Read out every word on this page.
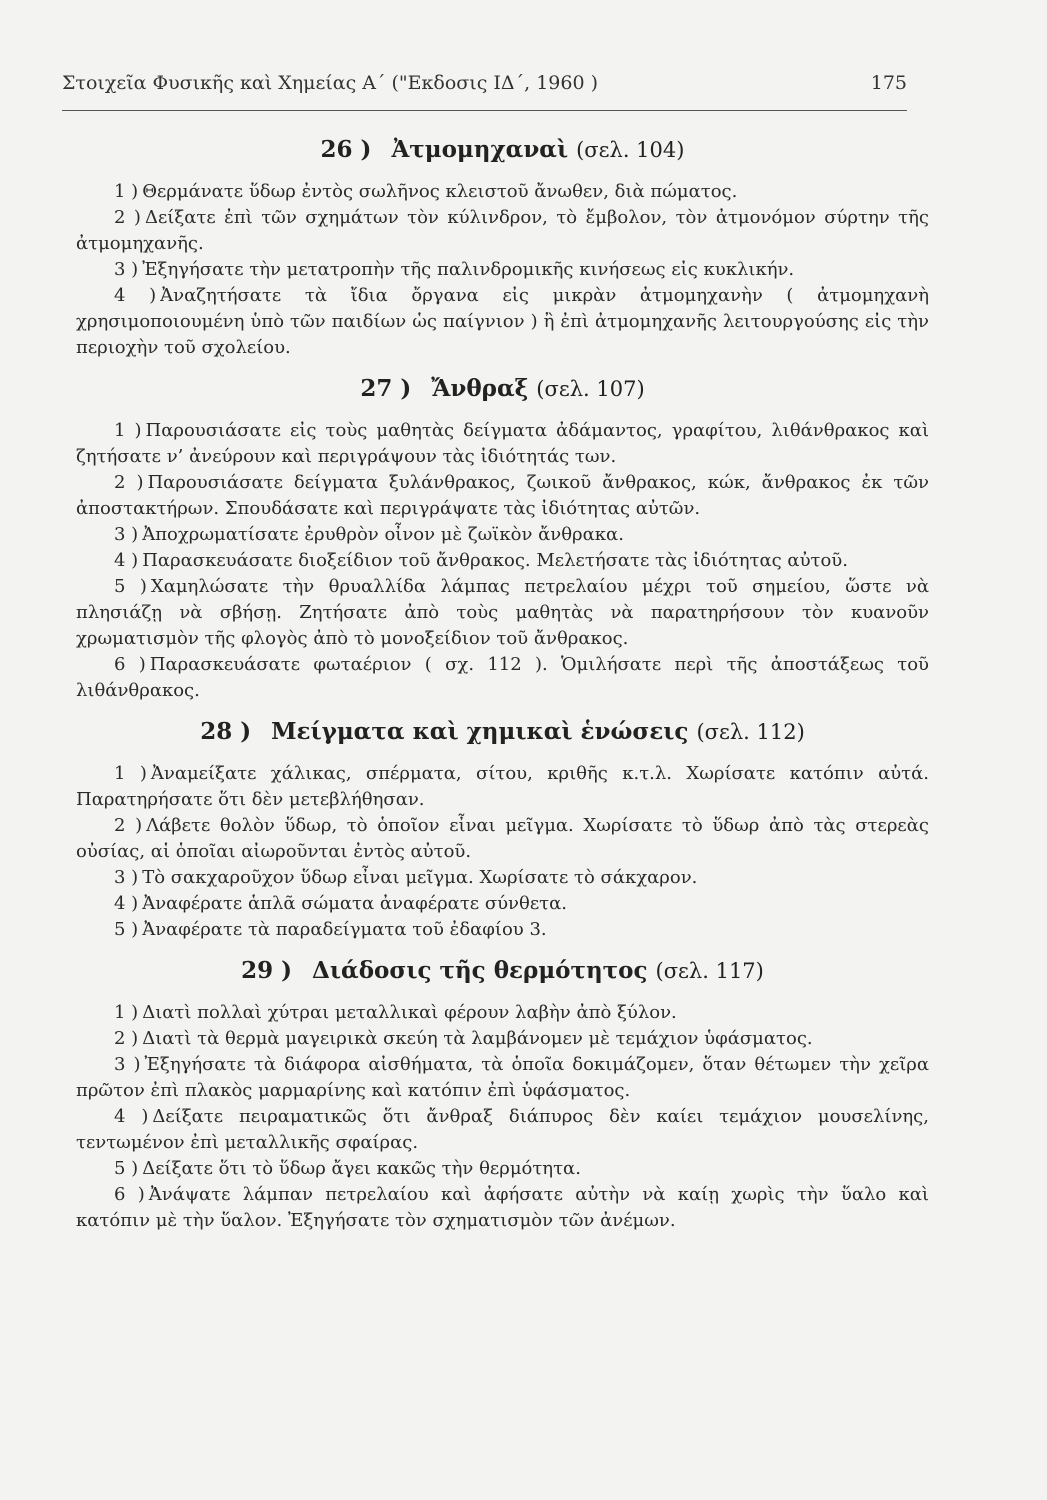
Στοιχεῖα Φυσικῆς καὶ Χημείας Α΄ ("Εκδοσις ΙΔ΄, 1960 )	175
26 ) Ἀτμομηχαναὶ (σελ. 104)

1 ) Θερμάνατε ὕδωρ ἐντὸς σωλῆνος κλειστοῦ ἄνωθεν, διὰ πώματος.

2 ) Δείξατε ἐπὶ τῶν σχημάτων τὸν κύλινδρον, τὸ ἔμβολον, τὸν ἀτμονόμον σύρτην τῆς ἀτμομηχανῆς.

3 ) Ἐξηγήσατε τὴν μετατροπὴν τῆς παλινδρομικῆς κινήσεως εἰς κυκλικήν.

4 ) Ἀναζητήσατε τὰ ἴδια ὄργανα εἰς μικρὰν ἀτμομηχανὴν ( ἀτμομηχανὴ χρησιμοποιουμένη ὑπὸ τῶν παιδίων ὡς παίγνιον ) ἢ ἐπὶ ἀτμομηχανῆς λειτουργούσης εἰς τὴν περιοχὴν τοῦ σχολείου.

27 ) Ἄνθραξ (σελ. 107)

1 ) Παρουσιάσατε εἰς τοὺς μαθητὰς δείγματα ἀδάμαντος, γραφίτου, λιθάνθρακος καὶ ζητήσατε ν’ ἀνεύρουν καὶ περιγράψουν τὰς ἰδιότητάς των.

2 ) Παρουσιάσατε δείγματα ξυλάνθρακος, ζωικοῦ ἄνθρακος, κώκ, ἄνθρακος ἐκ τῶν ἀποστακτήρων. Σπουδάσατε καὶ περιγράψατε τὰς ἰδιότητας αὐτῶν.

3 ) Ἀποχρωματίσατε ἐρυθρὸν οἶνον μὲ ζωϊκὸν ἄνθρακα.

4 ) Παρασκευάσατε διοξείδιον τοῦ ἄνθρακος. Μελετήσατε τὰς ἰδιότητας αὐτοῦ.

5 ) Χαμηλώσατε τὴν θρυαλλίδα λάμπας πετρελαίου μέχρι τοῦ σημείου, ὥστε νὰ πλησιάζῃ νὰ σβήσῃ. Ζητήσατε ἀπὸ τοὺς μαθητὰς νὰ παρατηρήσουν τὸν κυανοῦν χρωματισμὸν τῆς φλογὸς ἀπὸ τὸ μονοξείδιον τοῦ ἄνθρακος.

6 ) Παρασκευάσατε φωταέριον ( σχ. 112 ). Ὁμιλήσατε περὶ τῆς ἀποστάξεως τοῦ λιθάνθρακος.

28 ) Μείγματα καὶ χημικαὶ ἑνώσεις (σελ. 112)

1 ) Ἀναμείξατε χάλικας, σπέρματα, σίτου, κριθῆς κ.τ.λ. Χωρίσατε κατόπιν αὐτά. Παρατηρήσατε ὅτι δὲν μετεβλήθησαν.

2 ) Λάβετε θολὸν ὕδωρ, τὸ ὁποῖον εἶναι μεῖγμα. Χωρίσατε τὸ ὕδωρ ἀπὸ τὰς στερεὰς οὐσίας, αἱ ὁποῖαι αἰωροῦνται ἐντὸς αὐτοῦ.

3 ) Τὸ σακχαροῦχον ὕδωρ εἶναι μεῖγμα. Χωρίσατε τὸ σάκχαρον.

4 ) Ἀναφέρατε ἁπλᾶ σώματα ἀναφέρατε σύνθετα.

5 ) Ἀναφέρατε τὰ παραδείγματα τοῦ ἐδαφίου 3.

29 ) Διάδοσις τῆς θερμότητος (σελ. 117)

1 ) Διατὶ πολλαὶ χύτραι μεταλλικαὶ φέρουν λαβὴν ἀπὸ ξύλον.

2 ) Διατὶ τὰ θερμὰ μαγειρικὰ σκεύη τὰ λαμβάνομεν μὲ τεμάχιον ὑφάσματος.

3 ) Ἐξηγήσατε τὰ διάφορα αἰσθήματα, τὰ ὁποῖα δοκιμάζομεν, ὅταν θέτωμεν τὴν χεῖρα πρῶτον ἐπὶ πλακὸς μαρμαρίνης καὶ κατόπιν ἐπὶ ὑφάσματος.

4 ) Δείξατε πειραματικῶς ὅτι ἄνθραξ διάπυρος δὲν καίει τεμάχιον μουσελίνης, τεντωμένον ἐπὶ μεταλλικῆς σφαίρας.

5 ) Δείξατε ὅτι τὸ ὕδωρ ἄγει κακῶς τὴν θερμότητα.

6 ) Ἀνάψατε λάμπαν πετρελαίου καὶ ἀφήσατε αὐτὴν νὰ καίῃ χωρὶς τὴν ὕαλο καὶ κατόπιν μὲ τὴν ὕαλον. Ἐξηγήσατε τὸν σχηματισμὸν τῶν ἀνέμων.
